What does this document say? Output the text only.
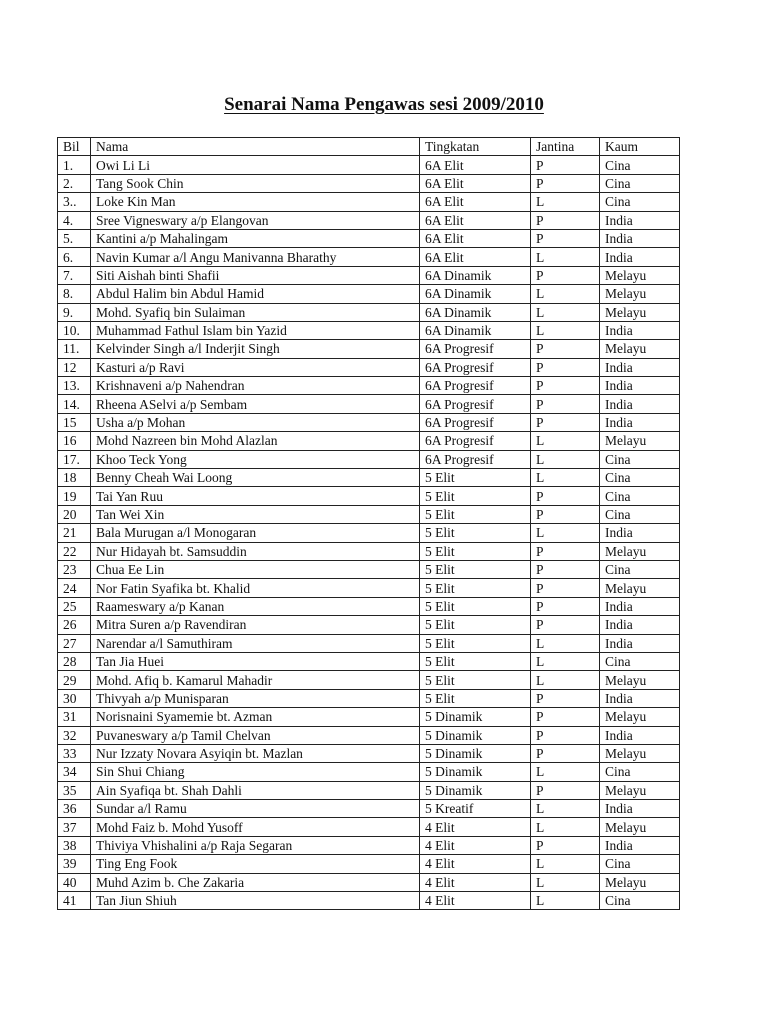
Senarai Nama Pengawas sesi 2009/2010
Bil	Nama	Tingkatan	Jantina	Kaum
1.	Owi Li Li	6A Elit	P	Cina
2.	Tang Sook Chin	6A Elit	P	Cina
3..	Loke Kin Man	6A Elit	L	Cina
4.	Sree Vigneswary a/p Elangovan	6A Elit	P	India
5.	Kantini a/p Mahalingam	6A Elit	P	India
6.	Navin Kumar a/l Angu Manivanna Bharathy	6A Elit	L	India
7.	Siti Aishah binti Shafii	6A Dinamik	P	Melayu
8.	Abdul Halim bin Abdul Hamid	6A Dinamik	L	Melayu
9.	Mohd. Syafiq bin Sulaiman	6A Dinamik	L	Melayu
10.	Muhammad Fathul Islam bin Yazid	6A Dinamik	L	India
11.	Kelvinder Singh a/l Inderjit Singh	6A Progresif	P	Melayu
12	Kasturi a/p Ravi	6A Progresif	P	India
13.	Krishnaveni a/p Nahendran	6A Progresif	P	India
14.	Rheena ASelvi a/p Sembam	6A Progresif	P	India
15	Usha a/p Mohan	6A Progresif	P	India
16	Mohd Nazreen bin Mohd Alazlan	6A Progresif	L	Melayu
17.	Khoo Teck Yong	6A Progresif	L	Cina
18	Benny Cheah Wai Loong	5 Elit	L	Cina
19	Tai Yan Ruu	5 Elit	P	Cina
20	Tan Wei Xin	5 Elit	P	Cina
21	Bala Murugan a/l Monogaran	5 Elit	L	India
22	Nur Hidayah bt. Samsuddin	5 Elit	P	Melayu
23	Chua Ee Lin	5 Elit	P	Cina
24	Nor Fatin Syafika bt. Khalid	5 Elit	P	Melayu
25	Raameswary a/p Kanan	5 Elit	P	India
26	Mitra Suren a/p Ravendiran	5 Elit	P	India
27	Narendar a/l Samuthiram	5 Elit	L	India
28	Tan Jia Huei	5 Elit	L	Cina
29	Mohd. Afiq b. Kamarul Mahadir	5 Elit	L	Melayu
30	Thivyah a/p Munisparan	5 Elit	P	India
31	Norisnaini Syamemie bt. Azman	5 Dinamik	P	Melayu
32	Puvaneswary a/p Tamil Chelvan	5 Dinamik	P	India
33	Nur Izzaty Novara Asyiqin bt. Mazlan	5 Dinamik	P	Melayu
34	Sin Shui Chiang	5 Dinamik	L	Cina
35	Ain Syafiqa bt. Shah Dahli	5 Dinamik	P	Melayu
36	Sundar a/l Ramu	5 Kreatif	L	India
37	Mohd Faiz b. Mohd Yusoff	4 Elit	L	Melayu
38	Thiviya Vhishalini a/p Raja Segaran	4 Elit	P	India
39	Ting Eng Fook	4 Elit	L	Cina
40	Muhd Azim b. Che Zakaria	4 Elit	L	Melayu
41	Tan Jiun Shiuh	4 Elit	L	Cina
